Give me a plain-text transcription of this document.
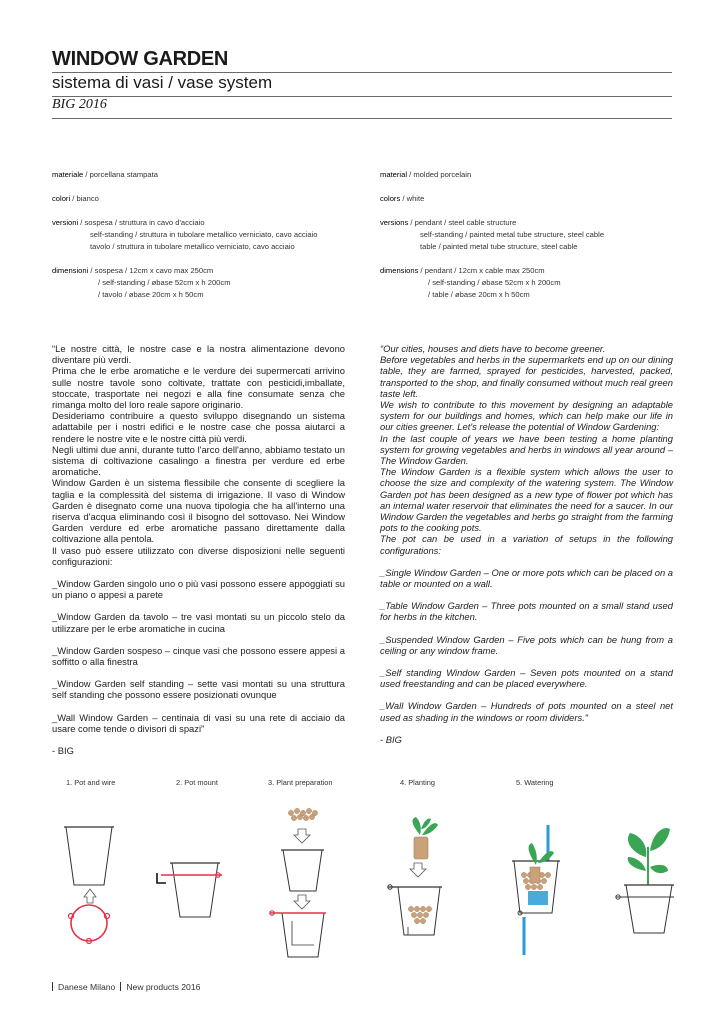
WINDOW GARDEN
sistema di vasi / vase system
BIG 2016
materiale / porcellana stampata
colori / bianco
versioni / sospesa / struttura in cavo d'acciaio
self-standing / struttura in tubolare metallico verniciato, cavo acciaio
tavolo / struttura in tubolare metallico verniciato, cavo acciaio
dimensioni / sospesa / 12cm x cavo max 250cm
/ self-standing / øbase 52cm x h 200cm
/ tavolo / øbase 20cm x h 50cm
material / molded porcelain
colors / white
versions / pendant / steel cable structure
self-standing / painted metal tube structure, steel cable
table / painted metal tube structure, steel cable
dimensions / pendant / 12cm x cable max 250cm
/ self-standing / øbase 52cm x h 200cm
/ table / øbase 20cm x h 50cm

“Le nostre città, le nostre case e la nostra alimentazione devono diventare più verdi.

Prima che le erbe aromatiche e le verdure dei supermercati arrivino sulle nostre tavole sono coltivate, trattate con pesticidi,imballate, stoccate, trasportate nei negozi e alla fine consumate senza che rimanga molto del loro reale sapore originario.

Desideriamo contribuire a questo sviluppo disegnando un sistema adattabile per i nostri edifici e le nostre case che possa aiutarci a rendere le nostre vite e le nostre città più verdi.

Negli ultimi due anni, durante tutto l'arco dell'anno, abbiamo testato un sistema di coltivazione casalingo a finestra per verdure ed erbe aromatiche.

Window Garden è un sistema flessibile che consente di scegliere la taglia e la complessità del sistema di irrigazione. Il vaso di Window Garden è disegnato come una nuova tipologia che ha all'interno una riserva d'acqua eliminando così il bisogno del sottovaso. Nei Window Garden verdure ed erbe aromatiche passano direttamente dalla coltivazione alla pentola.

Il vaso può essere utilizzato con diverse disposizioni nelle seguenti configurazioni:

_Window Garden singolo uno o più vasi possono essere appoggiati su un piano o appesi a parete

_Window Garden da tavolo – tre vasi montati su un piccolo stelo da utilizzare per le erbe aromatiche in cucina

_Window Garden sospeso – cinque vasi che possono essere appesi a soffitto o alla finestra

_Window Garden self standing – sette vasi montati su una struttura self standing che possono essere posizionati ovunque

_Wall Window Garden – centinaia di vasi su una rete di acciaio da usare come tende o divisori di spazi”

- BIG

“Our cities, houses and diets have to become greener.

Before vegetables and herbs in the supermarkets end up on our dining table, they are farmed, sprayed for pesticides, harvested, packed, transported to the shop, and finally consumed without much real green taste left.

We wish to contribute to this movement by designing an adaptable system for our buildings and homes, which can help make our life in our cities greener. Let's release the potential of Window Gardening:

In the last couple of years we have been testing a home planting system for growing vegetables and herbs in windows all year around – The Window Garden.

The Window Garden is a flexible system which allows the user to choose the size and complexity of the watering system. The Window Garden pot has been designed as a new type of flower pot which has an internal water reservoir that eliminates the need for a saucer. In our Window Garden the vegetables and herbs go straight from the farming pots to the cooking pots.

The pot can be used in a variation of setups in the following configurations:

_Single Window Garden – One or more pots which can be placed on a table or mounted on a wall.

_Table Window Garden – Three pots mounted on a small stand used for herbs in the kitchen.

_Suspended Window Garden – Five pots which can be hung from a ceiling or any window frame.

_Self standing Window Garden – Seven pots mounted on a stand used freestanding and can be placed everywhere.

_Wall Window Garden – Hundreds of pots mounted on a steel net used as shading in the windows or room dividers.”

- BIG

1. Pot and wire	2. Pot mount	3. Plant preparation	4. Planting	5. Watering
Danese Milano New products 2016
